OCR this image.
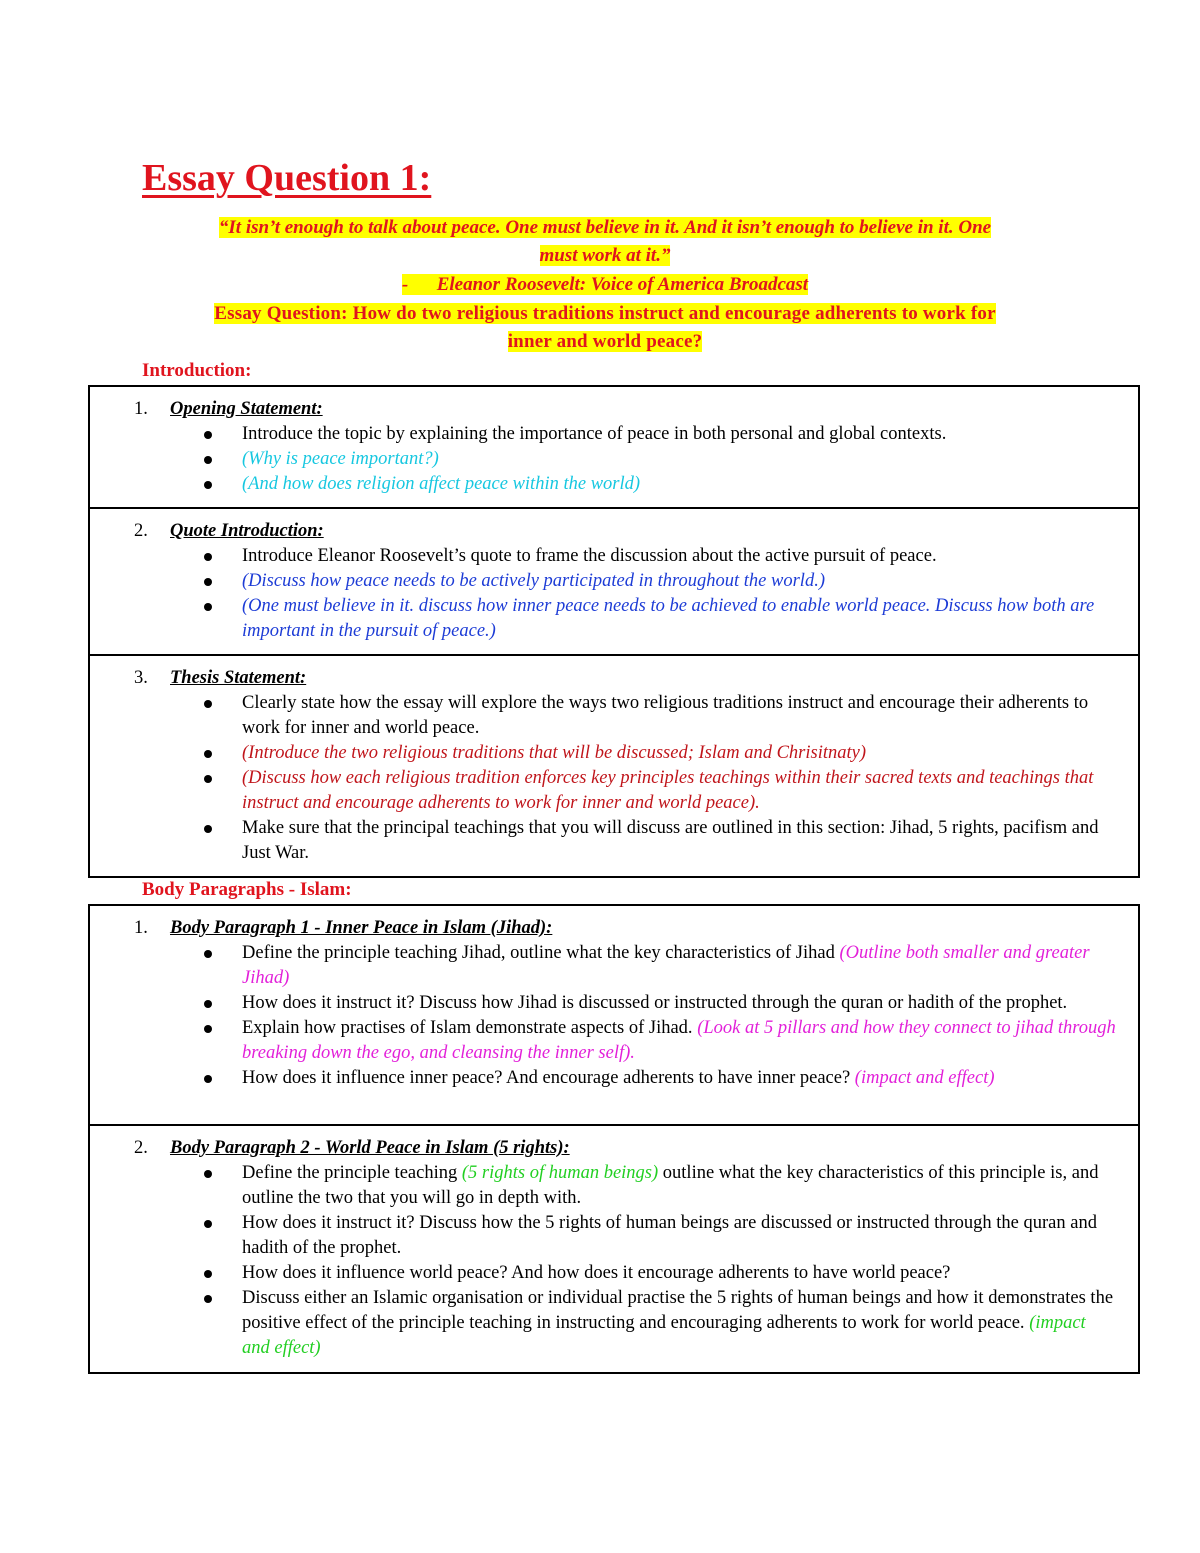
Essay Question 1:
“It isn’t enough to talk about peace. One must believe in it. And it isn’t enough to believe in it. One
must work at it.”
-      Eleanor Roosevelt: Voice of America Broadcast
Essay Question: How do two religious traditions instruct and encourage adherents to work for
inner and world peace?
Introduction:
1.	Opening Statement:
Introduce the topic by explaining the importance of peace in both personal and global contexts.
(Why is peace important?)
(And how does religion affect peace within the world)
2.	Quote Introduction:
Introduce Eleanor Roosevelt’s quote to frame the discussion about the active pursuit of peace.
(Discuss how peace needs to be actively participated in throughout the world.)
(One must believe in it. discuss how inner peace needs to be achieved to enable world peace. Discuss how both are important in the pursuit of peace.)
3.	Thesis Statement:
Clearly state how the essay will explore the ways two religious traditions instruct and encourage their adherents to work for inner and world peace.
(Introduce the two religious traditions that will be discussed; Islam and Chrisitnaty)
(Discuss how each religious tradition enforces key principles teachings within their sacred texts and teachings that instruct and encourage adherents to work for inner and world peace).
Make sure that the principal teachings that you will discuss are outlined in this section: Jihad, 5 rights, pacifism and Just War.
Body Paragraphs - Islam:
1.	Body Paragraph 1 - Inner Peace in Islam (Jihad):
Define the principle teaching Jihad, outline what the key characteristics of Jihad (Outline both smaller and greater Jihad)
How does it instruct it? Discuss how Jihad is discussed or instructed through the quran or hadith of the prophet.
Explain how practises of Islam demonstrate aspects of Jihad. (Look at 5 pillars and how they connect to jihad through breaking down the ego, and cleansing the inner self).
How does it influence inner peace? And encourage adherents to have inner peace? (impact and effect)
2.	Body Paragraph 2 - World Peace in Islam (5 rights):
Define the principle teaching (5 rights of human beings) outline what the key characteristics of this principle is, and outline the two that you will go in depth with.
How does it instruct it? Discuss how the 5 rights of human beings are discussed or instructed through the quran and hadith of the prophet.
How does it influence world peace? And how does it encourage adherents to have world peace?
Discuss either an Islamic organisation or individual practise the 5 rights of human beings and how it demonstrates the positive effect of the principle teaching in instructing and encouraging adherents to work for world peace. (impact and effect)
